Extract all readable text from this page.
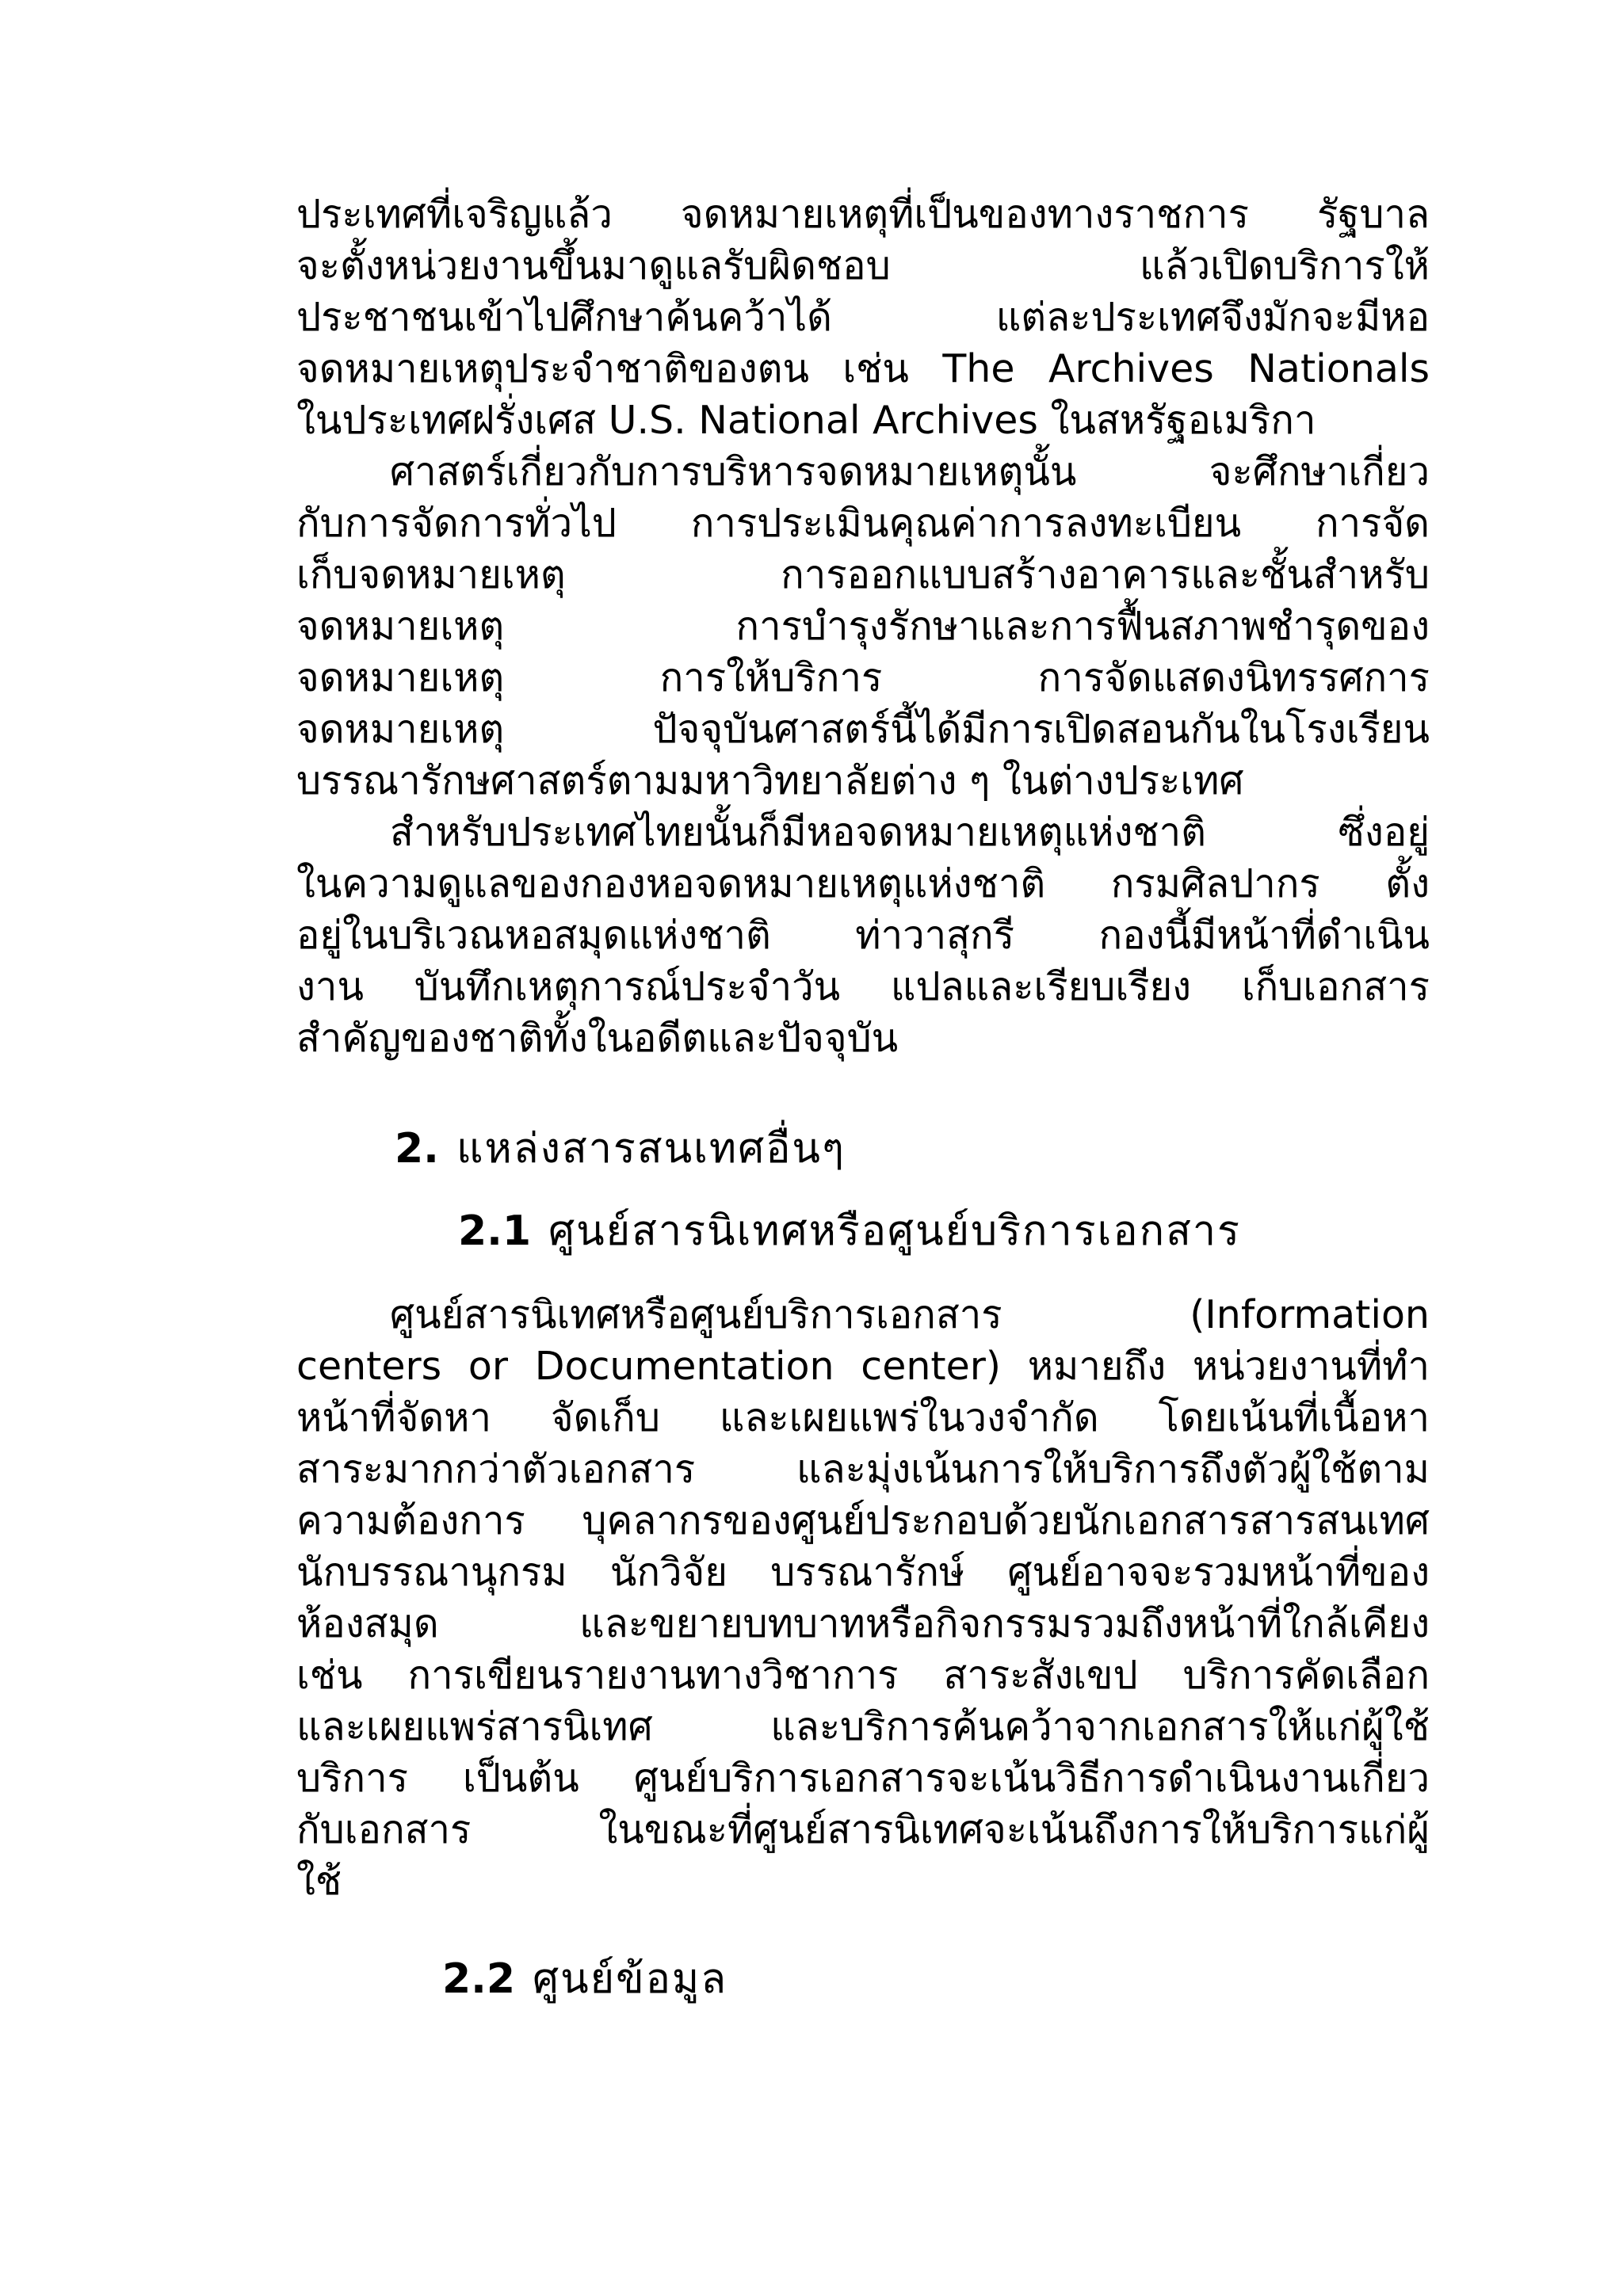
ประเทศที่เจริญแล้ว จดหมายเหตุที่เป็นของทางราชการ รัฐบาล
จะตั้งหน่วยงานขึ้นมาดูแลรับผิดชอบ แล้วเปิดบริการให้
ประชาชนเข้าไปศึกษาค้นคว้าได้ แต่ละประเทศจึงมักจะมีหอ
จดหมายเหตุประจำชาติของตน เช่น The Archives Nationals
ในประเทศฝรั่งเศส U.S. National Archives ในสหรัฐอเมริกา
ศาสตร์เกี่ยวกับการบริหารจดหมายเหตุนั้น จะศึกษาเกี่ยว
กับการจัดการทั่วไป การประเมินคุณค่าการลงทะเบียน การจัด
เก็บจดหมายเหตุ การออกแบบสร้างอาคารและชั้นสำหรับ
จดหมายเหตุ การบำรุงรักษาและการฟื้นสภาพชำรุดของ
จดหมายเหตุ การให้บริการ การจัดแสดงนิทรรศการ
จดหมายเหตุ ปัจจุบันศาสตร์นี้ได้มีการเปิดสอนกันในโรงเรียน
บรรณารักษศาสตร์ตามมหาวิทยาลัยต่าง ๆ ในต่างประเทศ
สำหรับประเทศไทยนั้นก็มีหอจดหมายเหตุแห่งชาติ ซึ่งอยู่
ในความดูแลของกองหอจดหมายเหตุแห่งชาติ กรมศิลปากร ตั้ง
อยู่ในบริเวณหอสมุดแห่งชาติ ท่าวาสุกรี กองนี้มีหน้าที่ดำเนิน
งาน บันทึกเหตุการณ์ประจำวัน แปลและเรียบเรียง เก็บเอกสาร
สำคัญของชาติทั้งในอดีตและปัจจุบัน
2. แหล่งสารสนเทศอื่นๆ
2.1 ศูนย์สารนิเทศหรือศูนย์บริการเอกสาร
ศูนย์สารนิเทศหรือศูนย์บริการเอกสาร (Information
centers or Documentation center) หมายถึง หน่วยงานที่ทำ
หน้าที่จัดหา จัดเก็บ และเผยแพร่ในวงจำกัด โดยเน้นที่เนื้อหา
สาระมากกว่าตัวเอกสาร และมุ่งเน้นการให้บริการถึงตัวผู้ใช้ตาม
ความต้องการ บุคลากรของศูนย์ประกอบด้วยนักเอกสารสารสนเทศ
นักบรรณานุกรม นักวิจัย บรรณารักษ์ ศูนย์อาจจะรวมหน้าที่ของ
ห้องสมุด และขยายบทบาทหรือกิจกรรมรวมถึงหน้าที่ใกล้เคียง
เช่น การเขียนรายงานทางวิชาการ สาระสังเขป บริการคัดเลือก
และเผยแพร่สารนิเทศ และบริการค้นคว้าจากเอกสารให้แก่ผู้ใช้
บริการ เป็นต้น ศูนย์บริการเอกสารจะเน้นวิธีการดำเนินงานเกี่ยว
กับเอกสาร ในขณะที่ศูนย์สารนิเทศจะเน้นถึงการให้บริการแก่ผู้
ใช้
2.2 ศูนย์ข้อมูล
